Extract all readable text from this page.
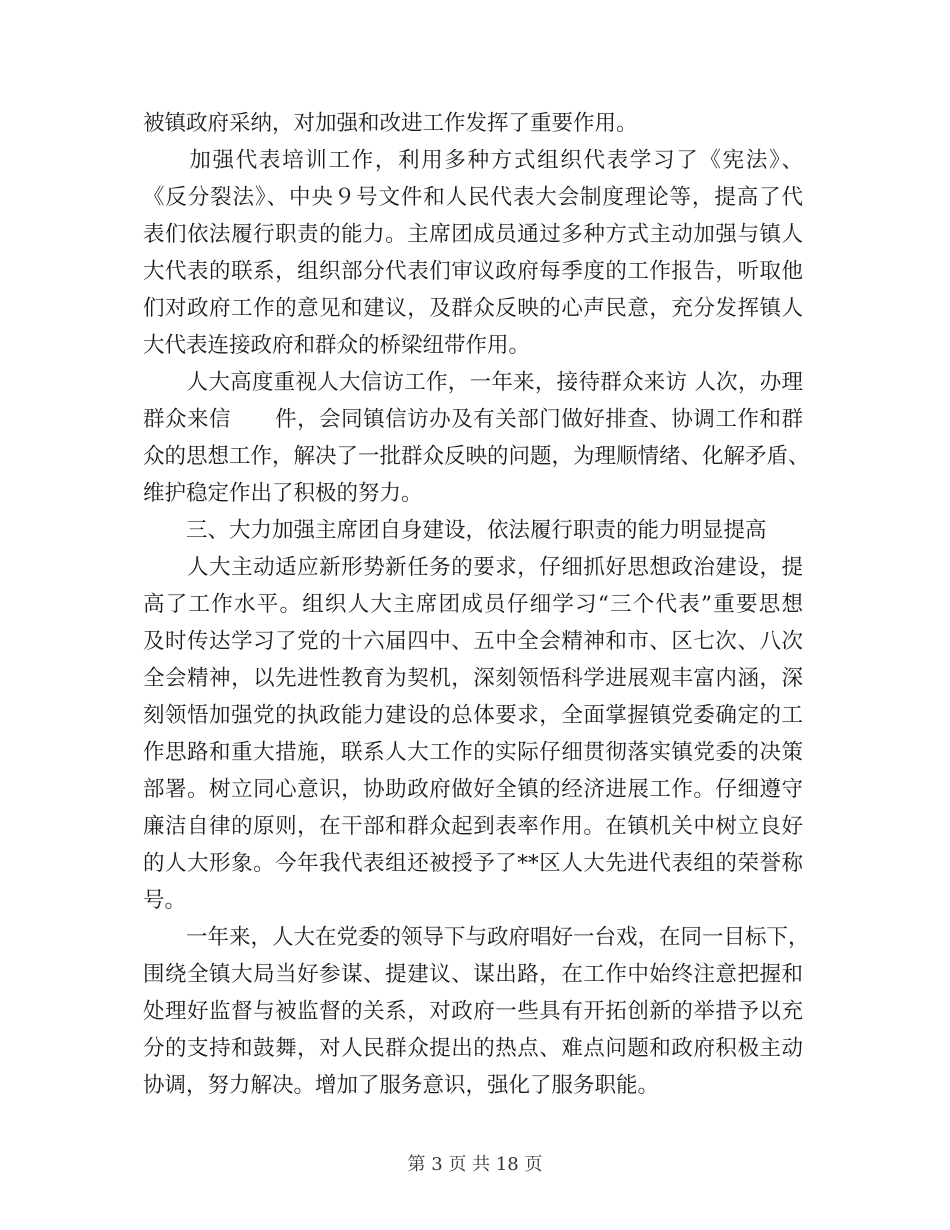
被镇政府采纳，对加强和改进工作发挥了重要作用。
　　加强代表培训工作，利用多种方式组织代表学习了《宪法》、
《反分裂法》、中央９号文件和人民代表大会制度理论等，提高了代
表们依法履行职责的能力。主席团成员通过多种方式主动加强与镇人
大代表的联系，组织部分代表们审议政府每季度的工作报告，听取他
们对政府工作的意见和建议，及群众反映的心声民意，充分发挥镇人
大代表连接政府和群众的桥梁纽带作用。
　　人大高度重视人大信访工作，一年来，接待群众来访 人次，办理
群众来信　　件，会同镇信访办及有关部门做好排查、协调工作和群
众的思想工作，解决了一批群众反映的问题，为理顺情绪、化解矛盾、
维护稳定作出了积极的努力。
　　三、大力加强主席团自身建设，依法履行职责的能力明显提高
　　人大主动适应新形势新任务的要求，仔细抓好思想政治建设，提
高了工作水平。组织人大主席团成员仔细学习“三个代表”重要思想
及时传达学习了党的十六届四中、五中全会精神和市、区七次、八次
全会精神，以先进性教育为契机，深刻领悟科学进展观丰富内涵，深
刻领悟加强党的执政能力建设的总体要求，全面掌握镇党委确定的工
作思路和重大措施，联系人大工作的实际仔细贯彻落实镇党委的决策
部署。树立同心意识，协助政府做好全镇的经济进展工作。仔细遵守
廉洁自律的原则，在干部和群众起到表率作用。在镇机关中树立良好
的人大形象。今年我代表组还被授予了**区人大先进代表组的荣誉称
号。
　　一年来，人大在党委的领导下与政府唱好一台戏，在同一目标下，
围绕全镇大局当好参谋、提建议、谋出路，在工作中始终注意把握和
处理好监督与被监督的关系，对政府一些具有开拓创新的举措予以充
分的支持和鼓舞，对人民群众提出的热点、难点问题和政府积极主动
协调，努力解决。增加了服务意识，强化了服务职能。
第 3 页 共 18 页
